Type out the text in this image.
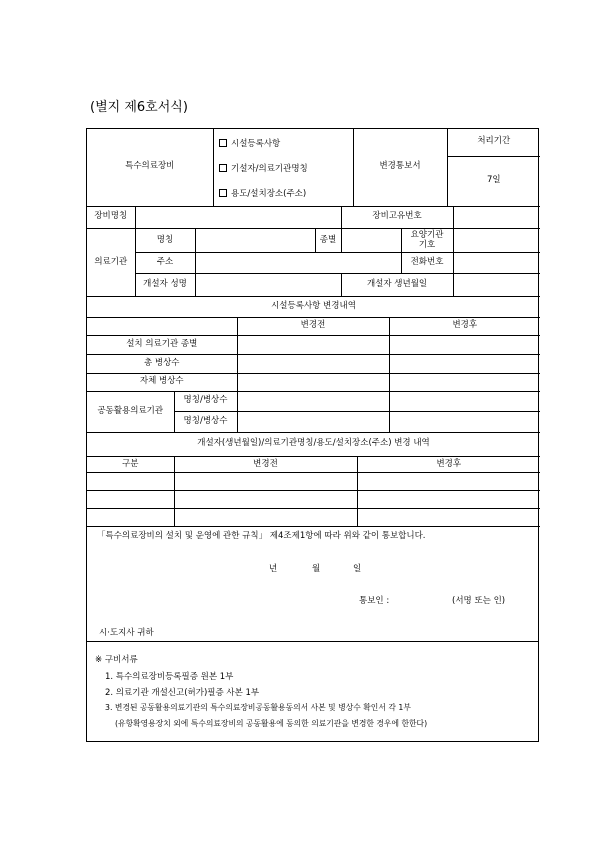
(별지 제6호서식)
특수의료장비		변경통보서	처리기간
7일
시설등록사항
기설자/의료기관명칭
용도/설치장소(주소)
장비명칭				장비고유번호		
의료기관	명칭		종별		요양기관
기호	
	주소				전화번호	
	개설자 성명			개설자 생년월일		
시설등록사항 변경내역			
		변경전	변경후
설치 의료기관 종별			
총 병상수			
자체 병상수			
공동활용의료기관	명칭/병상수		
	명칭/병상수		
개설자(생년월일)/의료기관명칭/용도/설치장소(주소) 변경 내역		
구분	변경전	변경후

「특수의료장비의 설치 및 운영에 관한 규칙」 제4조제1항에 따라 위와 같이 통보합니다.
년	월	일
통보인 :	(서명 또는 인)
시·도지사 귀하
※ 구비서류
1. 특수의료장비등록필증 원본 1부
2. 의료기관 개설신고(허가)필증 사본 1부
3. 변경된 공동활용의료기관의 특수의료장비공동활용동의서 사본 및 병상수 확인서 각 1부
(유항확영용장치 외에 특수의료장비의 공동활용에 동의한 의료기관을 변경한 경우에 한한다)
